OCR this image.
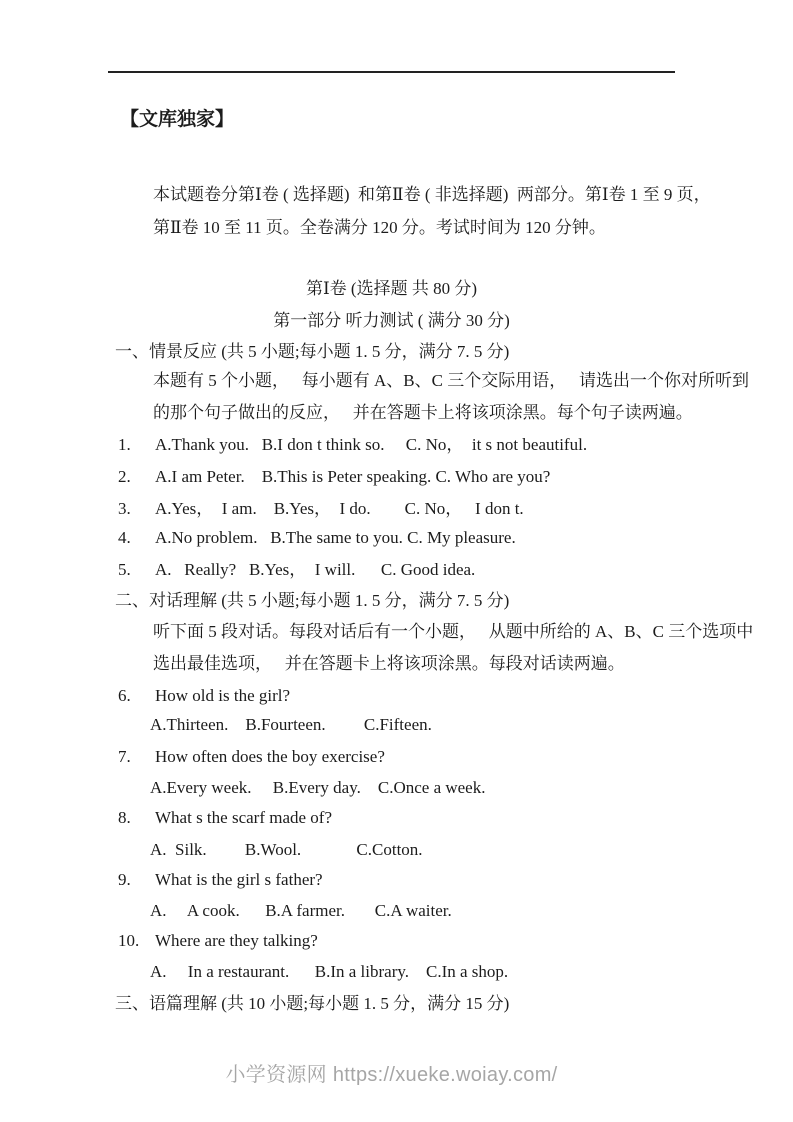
【文库独家】
本试题卷分第Ⅰ卷 ( 选择题)  和第Ⅱ卷 ( 非选择题)  两部分。第Ⅰ卷 1 至 9 页，
第Ⅱ卷 10 至 11 页。全卷满分 120 分。考试时间为 120 分钟。
第Ⅰ卷 (选择题 共 80 分)
第一部分 听力测试 ( 满分 30 分)
一、情景反应 (共 5 小题;每小题 1. 5 分，满分 7. 5 分)
本题有 5 个小题，   每小题有 A、B、C 三个交际用语，   请选出一个你对所听到
的那个句子做出的反应，   并在答题卡上将该项涂黑。每个句子读两遍。
1. A.Thank you.   B.I don t think so.     C. No，  it s not beautiful.
2. A.I am Peter.    B.This is Peter speaking. C. Who are you?
3. A.Yes，  I am.    B.Yes，  I do.        C. No，   I don t.
4. A.No problem.   B.The same to you. C. My pleasure.
5. A.   Really?   B.Yes，  I will.      C. Good idea.
二、对话理解 (共 5 小题;每小题 1. 5 分，满分 7. 5 分)
听下面 5 段对话。每段对话后有一个小题，   从题中所给的 A、B、C 三个选项中
选出最佳选项，   并在答题卡上将该项涂黑。每段对话读两遍。
6. How old is the girl?
A.Thirteen.    B.Fourteen.         C.Fifteen.
7. How often does the boy exercise?
A.Every week.     B.Every day.    C.Once a week.
8. What s the scarf made of?
A.  Silk.         B.Wool.             C.Cotton.
9. What is the girl s father?
A.     A cook.      B.A farmer.       C.A waiter.
10. Where are they talking?
A.     In a restaurant.      B.In a library.    C.In a shop.
三、语篇理解 (共 10 小题;每小题 1. 5 分，满分 15 分)
小学资源网 https://xueke.woiay.com/
